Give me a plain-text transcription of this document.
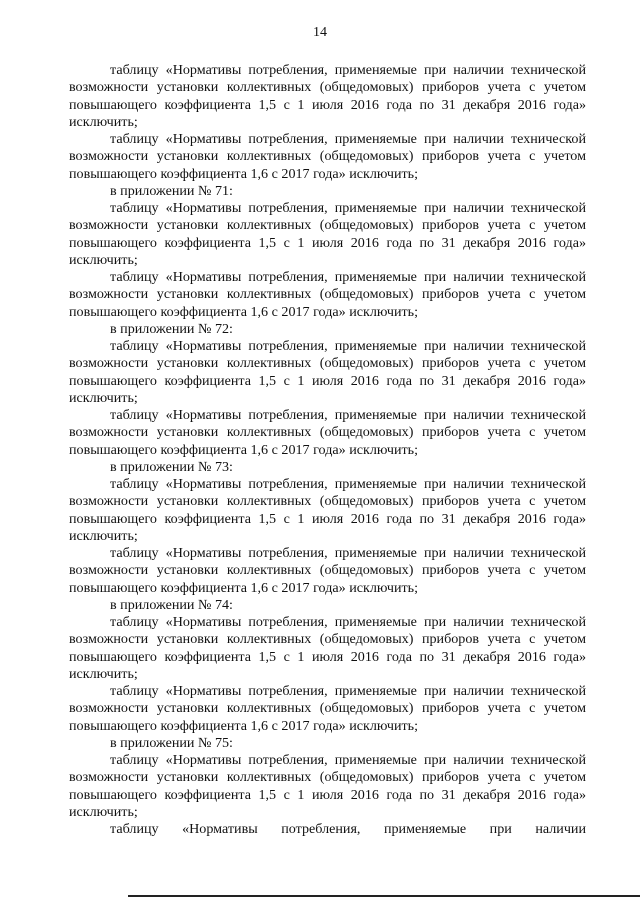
14

таблицу «Нормативы потребления, применяемые при наличии технической возможности установки коллективных (общедомовых) приборов учета с учетом повышающего коэффициента 1,5 с 1 июля 2016 года по 31 декабря 2016 года» исключить;

таблицу «Нормативы потребления, применяемые при наличии технической возможности установки коллективных (общедомовых) приборов учета с учетом повышающего коэффициента 1,6 с 2017 года» исключить;

в приложении № 71:

таблицу «Нормативы потребления, применяемые при наличии технической возможности установки коллективных (общедомовых) приборов учета с учетом повышающего коэффициента 1,5 с 1 июля 2016 года по 31 декабря 2016 года» исключить;

таблицу «Нормативы потребления, применяемые при наличии технической возможности установки коллективных (общедомовых) приборов учета с учетом повышающего коэффициента 1,6 с 2017 года» исключить;

в приложении № 72:

таблицу «Нормативы потребления, применяемые при наличии технической возможности установки коллективных (общедомовых) приборов учета с учетом повышающего коэффициента 1,5 с 1 июля 2016 года по 31 декабря 2016 года» исключить;

таблицу «Нормативы потребления, применяемые при наличии технической возможности установки коллективных (общедомовых) приборов учета с учетом повышающего коэффициента 1,6 с 2017 года» исключить;

в приложении № 73:

таблицу «Нормативы потребления, применяемые при наличии технической возможности установки коллективных (общедомовых) приборов учета с учетом повышающего коэффициента 1,5 с 1 июля 2016 года по 31 декабря 2016 года» исключить;

таблицу «Нормативы потребления, применяемые при наличии технической возможности установки коллективных (общедомовых) приборов учета с учетом повышающего коэффициента 1,6 с 2017 года» исключить;

в приложении № 74:

таблицу «Нормативы потребления, применяемые при наличии технической возможности установки коллективных (общедомовых) приборов учета с учетом повышающего коэффициента 1,5 с 1 июля 2016 года по 31 декабря 2016 года» исключить;

таблицу «Нормативы потребления, применяемые при наличии технической возможности установки коллективных (общедомовых) приборов учета с учетом повышающего коэффициента 1,6 с 2017 года» исключить;

в приложении № 75:

таблицу «Нормативы потребления, применяемые при наличии технической возможности установки коллективных (общедомовых) приборов учета с учетом повышающего коэффициента 1,5 с 1 июля 2016 года по 31 декабря 2016 года» исключить;

таблицу «Нормативы потребления, применяемые при наличии
